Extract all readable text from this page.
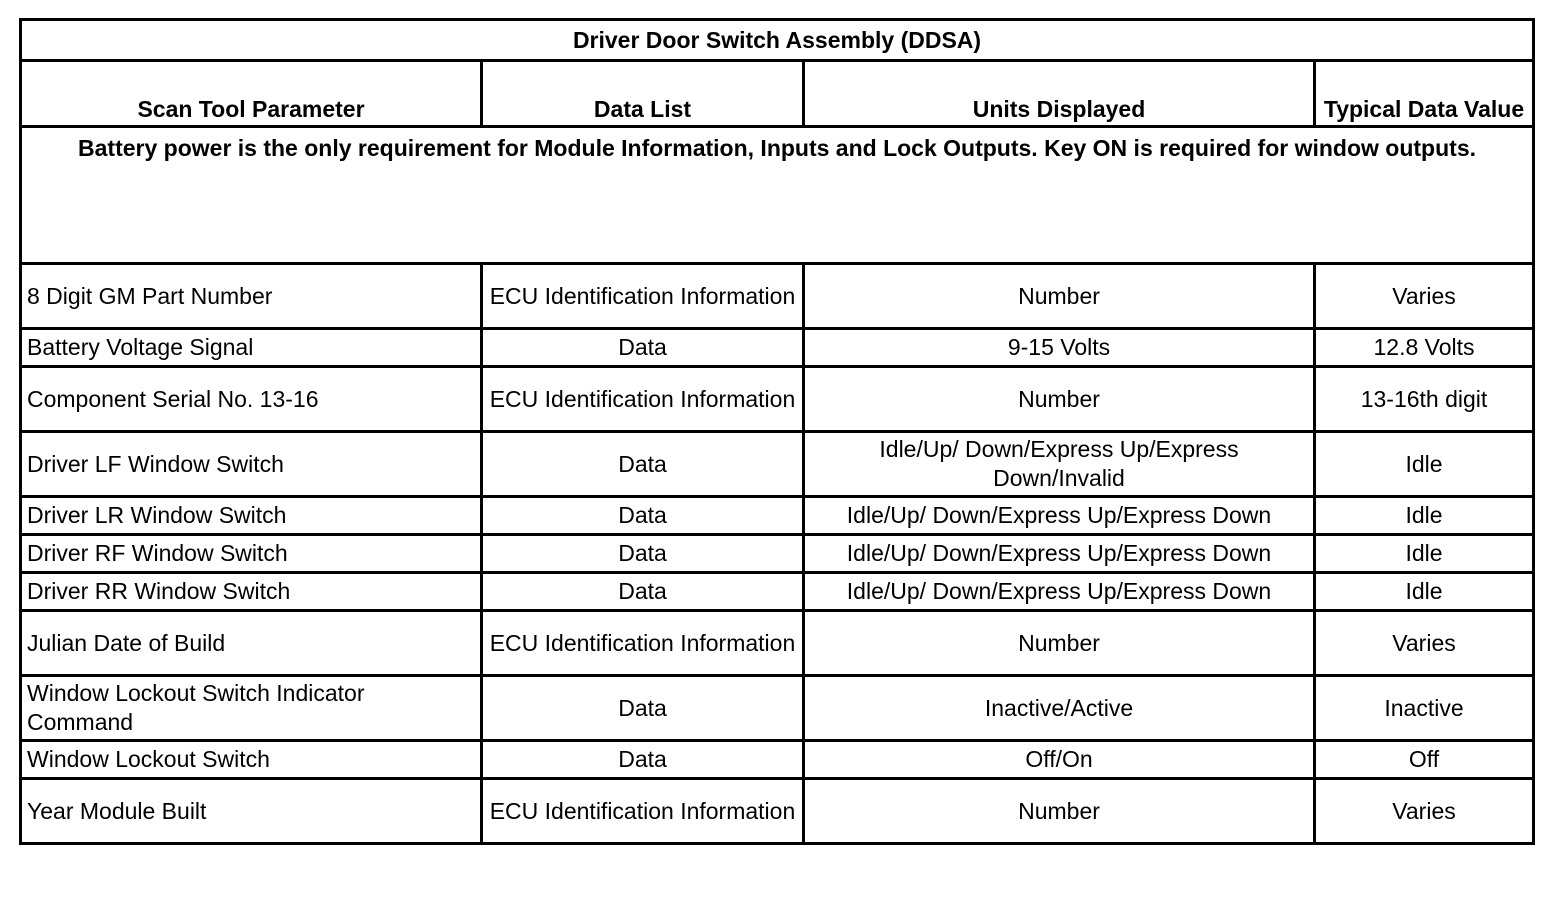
Driver Door Switch Assembly (DDSA)			
Scan Tool Parameter	Data List	Units Displayed	Typical Data Value
Battery power is the only requirement for Module Information, Inputs and Lock Outputs. Key ON is required for window outputs.			
8 Digit GM Part Number	ECU Identification Information	Number	Varies
Battery Voltage Signal	Data	9-15 Volts	12.8 Volts
Component Serial No. 13-16	ECU Identification Information	Number	13-16th digit
Driver LF Window Switch	Data	Idle/Up/ Down/Express Up/Express Down/Invalid	Idle
Driver LR Window Switch	Data	Idle/Up/ Down/Express Up/Express Down	Idle
Driver RF Window Switch	Data	Idle/Up/ Down/Express Up/Express Down	Idle
Driver RR Window Switch	Data	Idle/Up/ Down/Express Up/Express Down	Idle
Julian Date of Build	ECU Identification Information	Number	Varies
Window Lockout Switch Indicator Command	Data	Inactive/Active	Inactive
Window Lockout Switch	Data	Off/On	Off
Year Module Built	ECU Identification Information	Number	Varies
